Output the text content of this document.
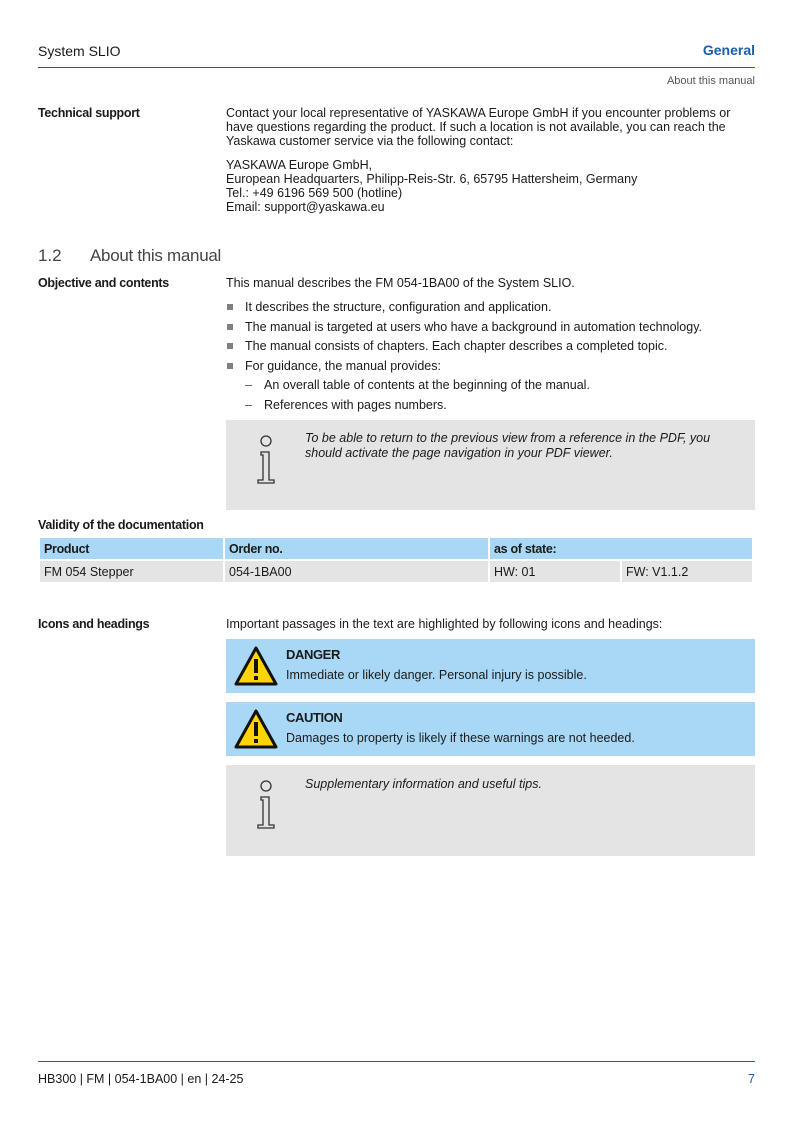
System SLIO	General
About this manual
Technical support	Contact your local representative of YASKAWA Europe GmbH if you encounter problems or have questions regarding the product. If such a location is not available, you can reach the Yaskawa customer service via the following contact:

YASKAWA Europe GmbH,
European Headquarters, Philipp-Reis-Str. 6, 65795 Hattersheim, Germany
Tel.: +49 6196 569 500 (hotline)
Email: support@yaskawa.eu
1.2 About this manual
Objective and contents	This manual describes the FM 054-1BA00 of the System SLIO.
It describes the structure, configuration and application.
The manual is targeted at users who have a background in automation technology.
The manual consists of chapters. Each chapter describes a completed topic.
For guidance, the manual provides:
– An overall table of contents at the beginning of the manual.
– References with pages numbers.
To be able to return to the previous view from a reference in the PDF, you should activate the page navigation in your PDF viewer.
Validity of the documentation
Product	Order no.	as of state:	

FM 054 Stepper	054-1BA00	HW: 01	FW: V1.1.2
Icons and headings	Important passages in the text are highlighted by following icons and headings:
DANGER
Immediate or likely danger. Personal injury is possible.
CAUTION
Damages to property is likely if these warnings are not heeded.
Supplementary information and useful tips.
HB300 | FM | 054-1BA00 | en | 24-25	7
